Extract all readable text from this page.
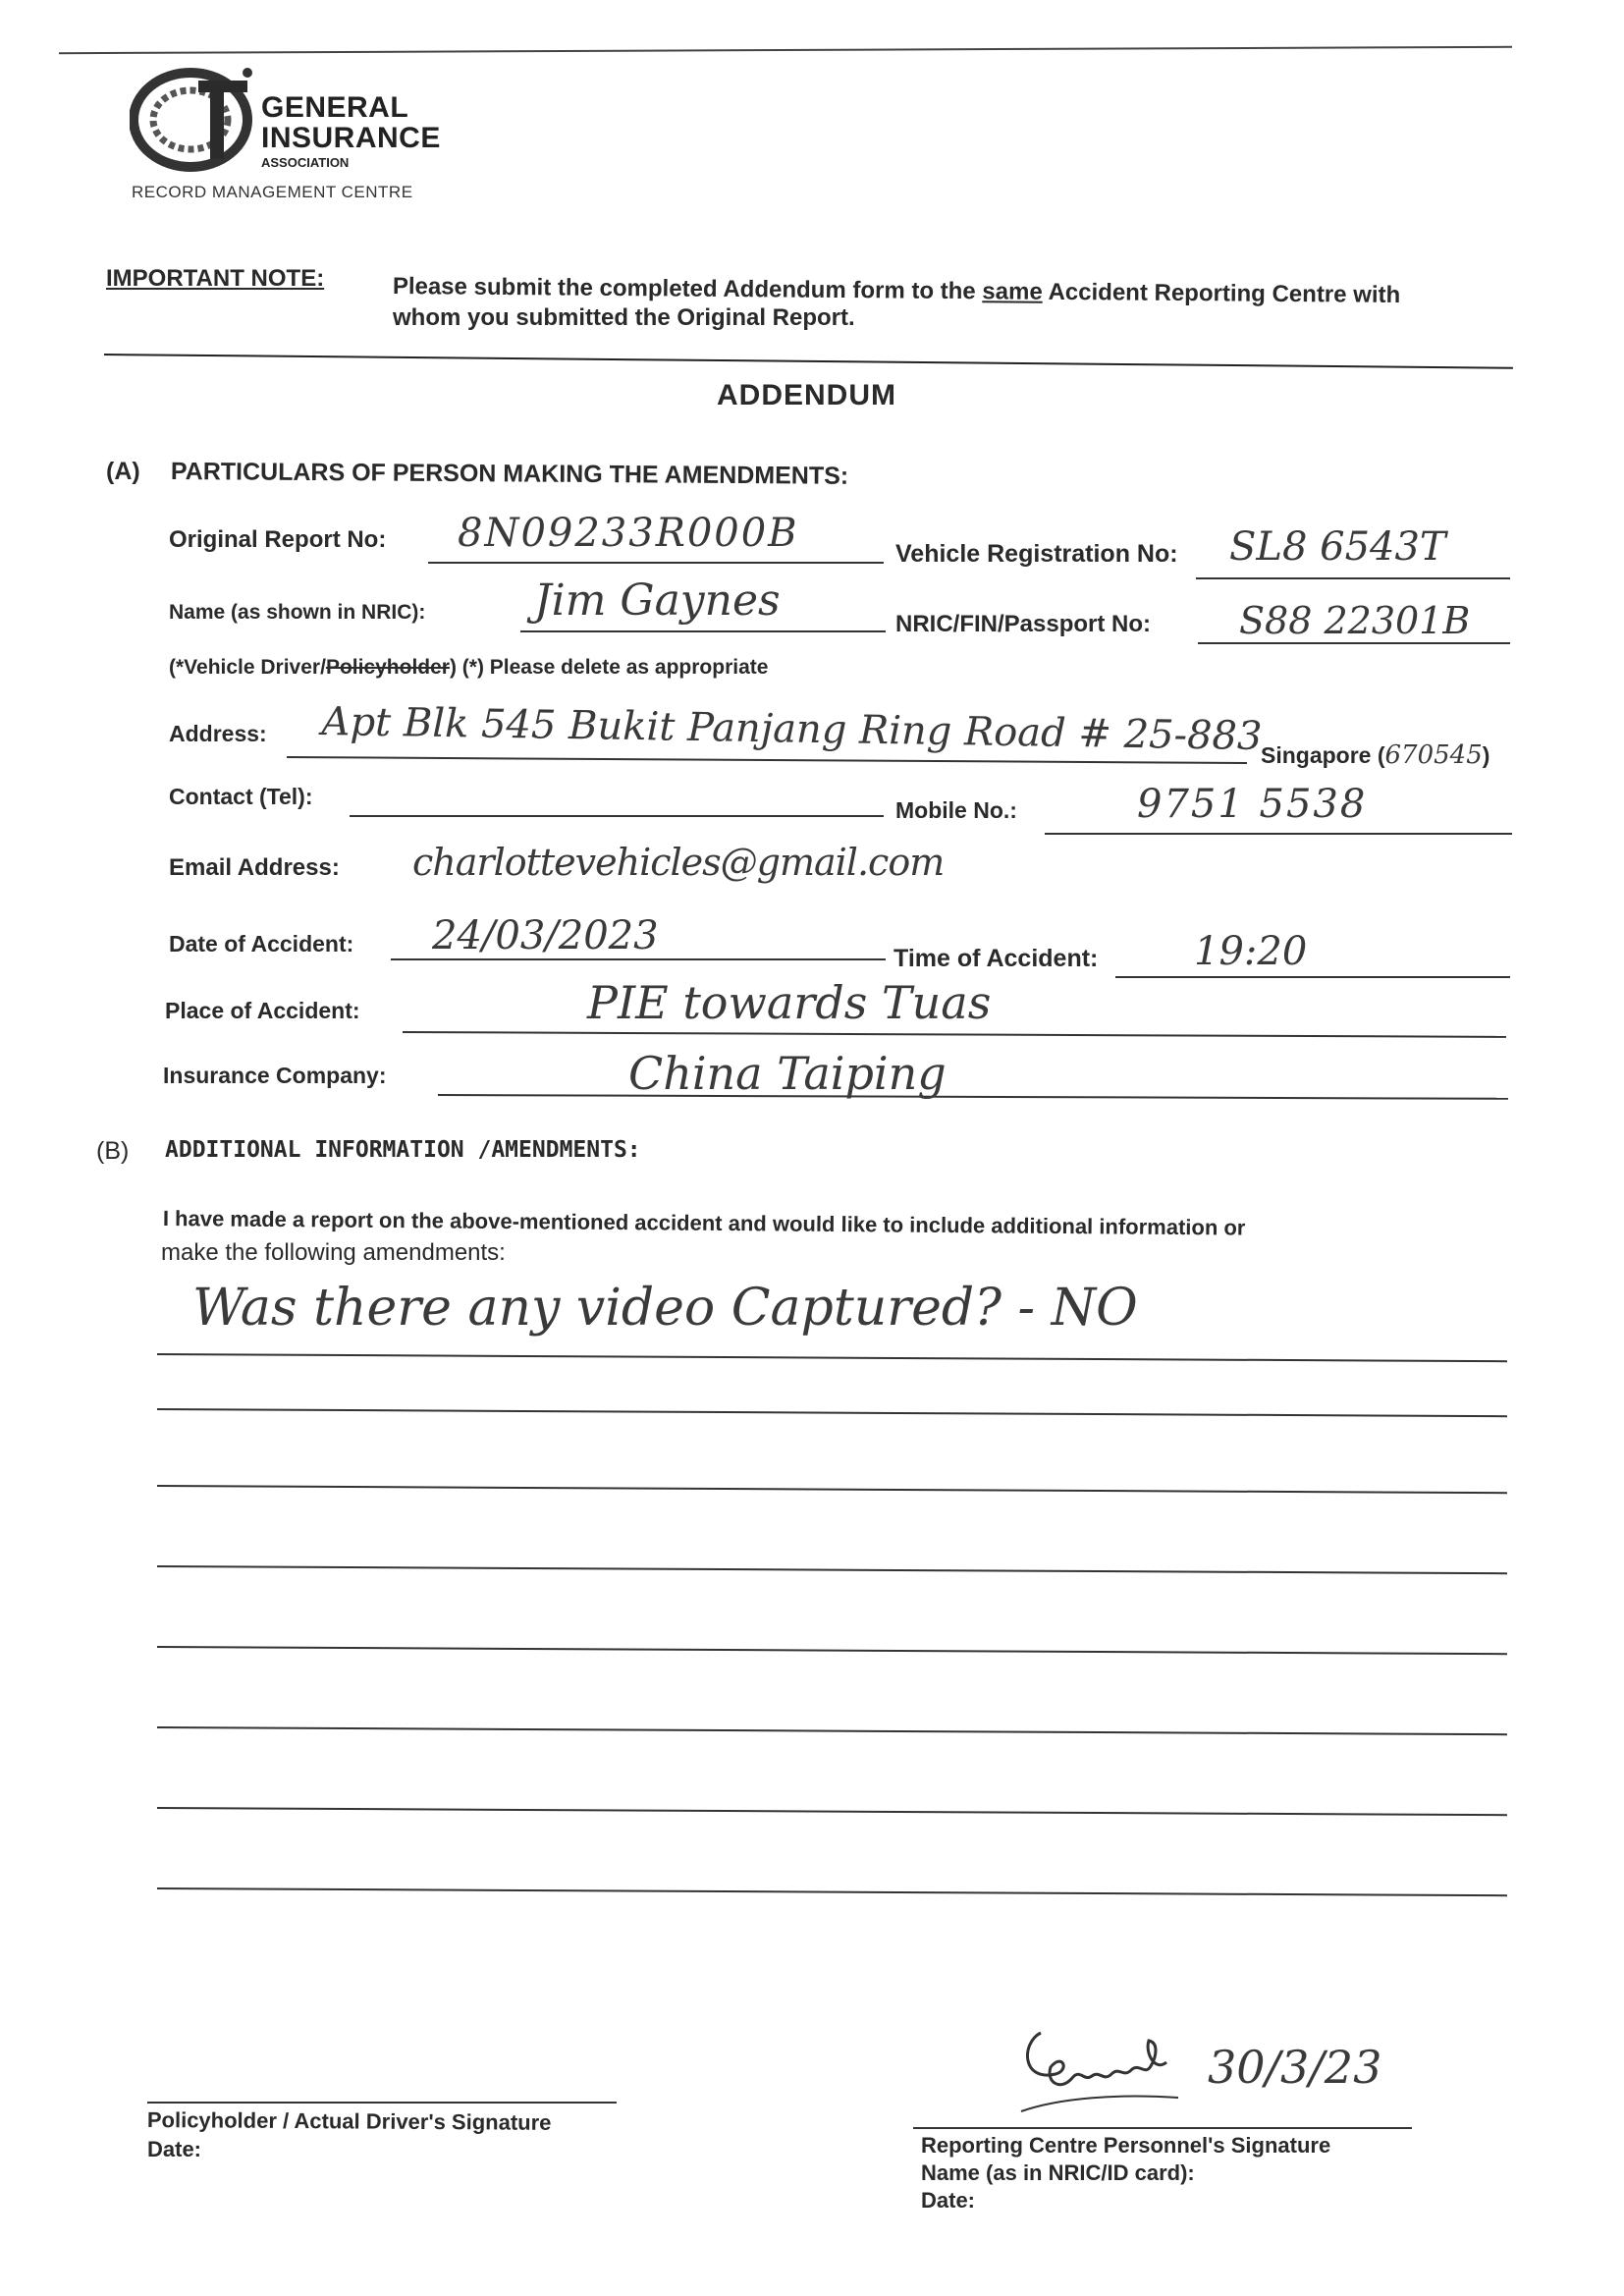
GENERAL
INSURANCE
ASSOCIATION
RECORD MANAGEMENT CENTRE
IMPORTANT NOTE:	Please submit the completed Addendum form to the same Accident Reporting Centre with
whom you submitted the Original Report.
ADDENDUM
(A) PARTICULARS OF PERSON MAKING THE AMENDMENTS:
Original Report No: 8N09233R000B	Vehicle Registration No: SL8 6543T
Name (as shown in NRIC):	Jim Gaynes	NRIC/FIN/Passport No: S88 22301B
(*Vehicle Driver/Policyholder) (*) Please delete as appropriate
Address: Apt Blk 545 Bukit Panjang Ring Road # 25-883
Singapore (670545)
Contact (Tel):
Mobile No.:	9751 5538
Email Address: charlottevehicles@gmail.com
Date of Accident: 24/03/2023	Time of Accident: 19:20
Place of Accident:	PIE towards Tuas
Insurance Company:	China Taiping
(B) ADDITIONAL INFORMATION /AMENDMENTS:
I have made a report on the above-mentioned accident and would like to include additional information or
make the following amendments:
Was there any video Captured? - NO
Policyholder / Actual Driver's Signature
Date:
30/3/23
Reporting Centre Personnel's Signature
Name (as in NRIC/ID card):
Date:
